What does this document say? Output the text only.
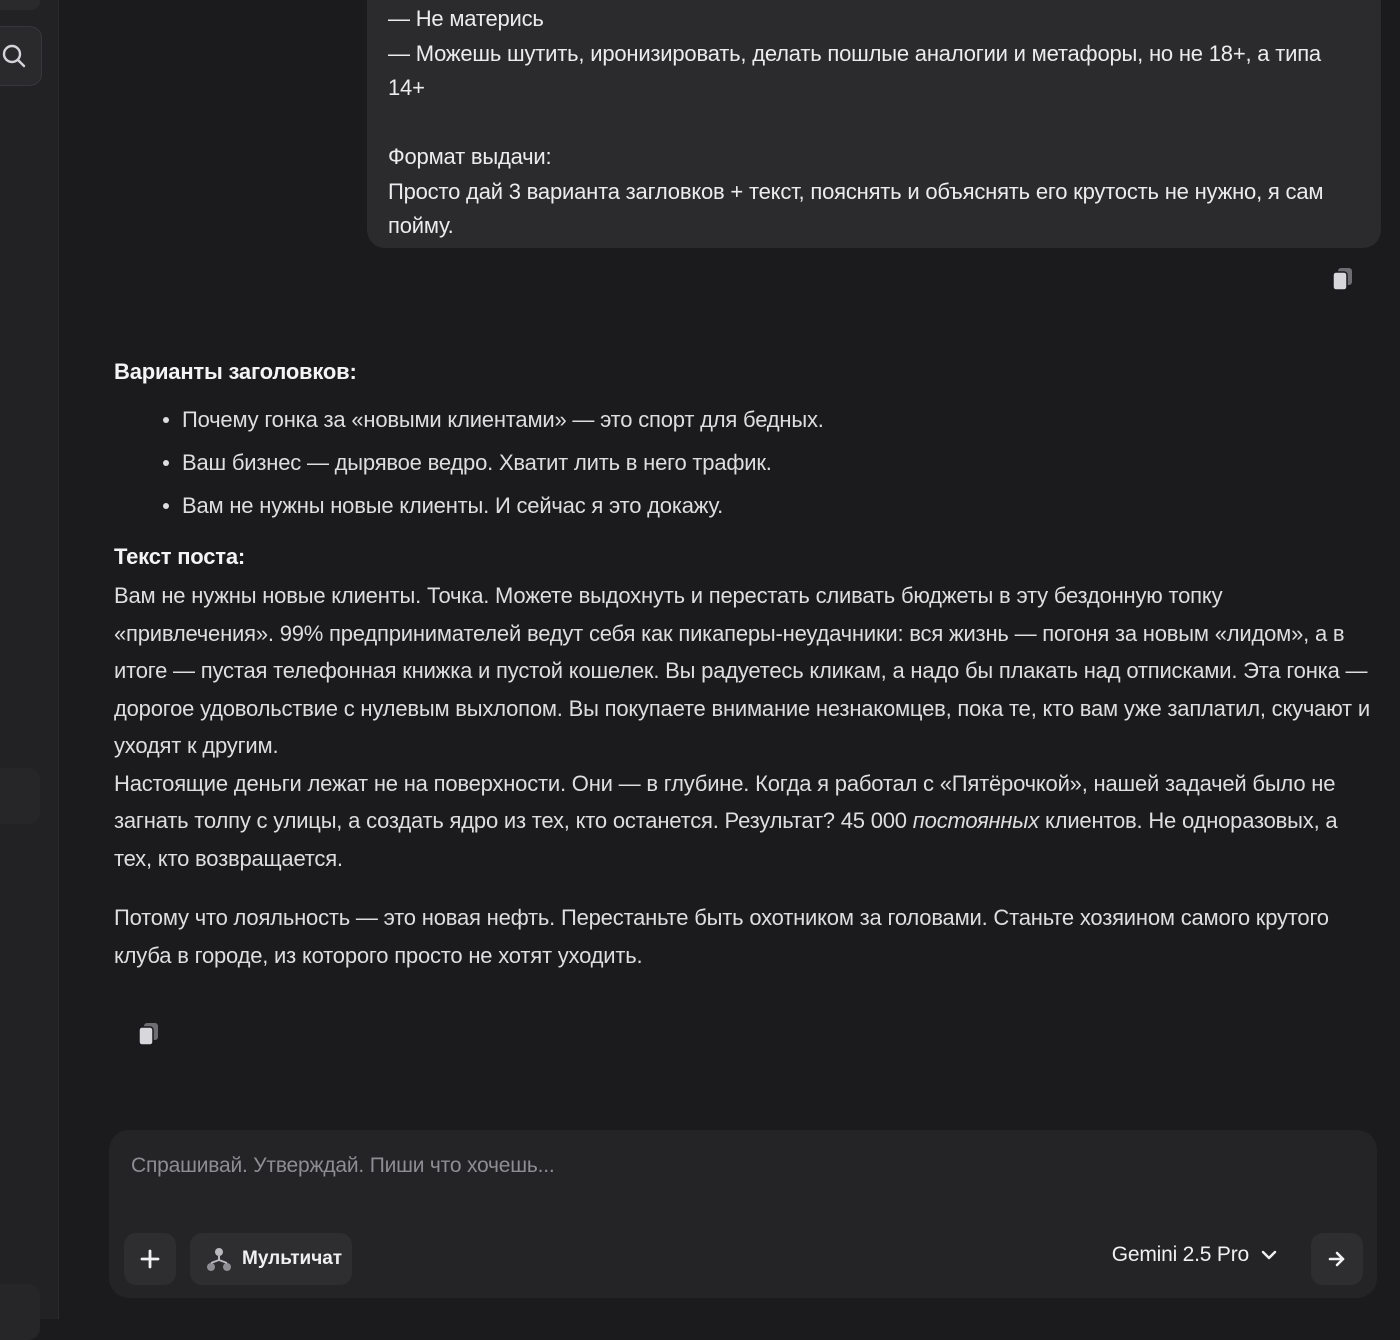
— Не матерись

— Можешь шутить, иронизировать, делать пошлые аналогии и метафоры, но не 18+, а типа 14+

Формат выдачи:

Просто дай 3 варианта загловков + текст, пояснять и объяснять его крутость не нужно, я сам пойму.

Варианты заголовков:
Почему гонка за «новыми клиентами» — это спорт для бедных.
Ваш бизнес — дырявое ведро. Хватит лить в него трафик.
Вам не нужны новые клиенты. И сейчас я это докажу.
Текст поста:

Вам не нужны новые клиенты. Точка. Можете выдохнуть и перестать сливать бюджеты в эту бездонную топку «привлечения». 99% предпринимателей ведут себя как пикаперы-неудачники: вся жизнь — погоня за новым «лидом», а в итоге — пустая телефонная книжка и пустой кошелек. Вы радуетесь кликам, а надо бы плакать над отписками. Эта гонка — дорогое удовольствие с нулевым выхлопом. Вы покупаете внимание незнакомцев, пока те, кто вам уже заплатил, скучают и уходят к другим.

Настоящие деньги лежат не на поверхности. Они — в глубине. Когда я работал с «Пятёрочкой», нашей задачей было не загнать толпу с улицы, а создать ядро из тех, кто останется. Результат? 45 000 постоянных клиентов. Не одноразовых, а тех, кто возвращается.

Потому что лояльность — это новая нефть. Перестаньте быть охотником за головами. Станьте хозяином самого крутого клуба в городе, из которого просто не хотят уходить.

Спрашивай. Утверждай. Пиши что хочешь...
Мультичат	Gemini 2.5 Pro
